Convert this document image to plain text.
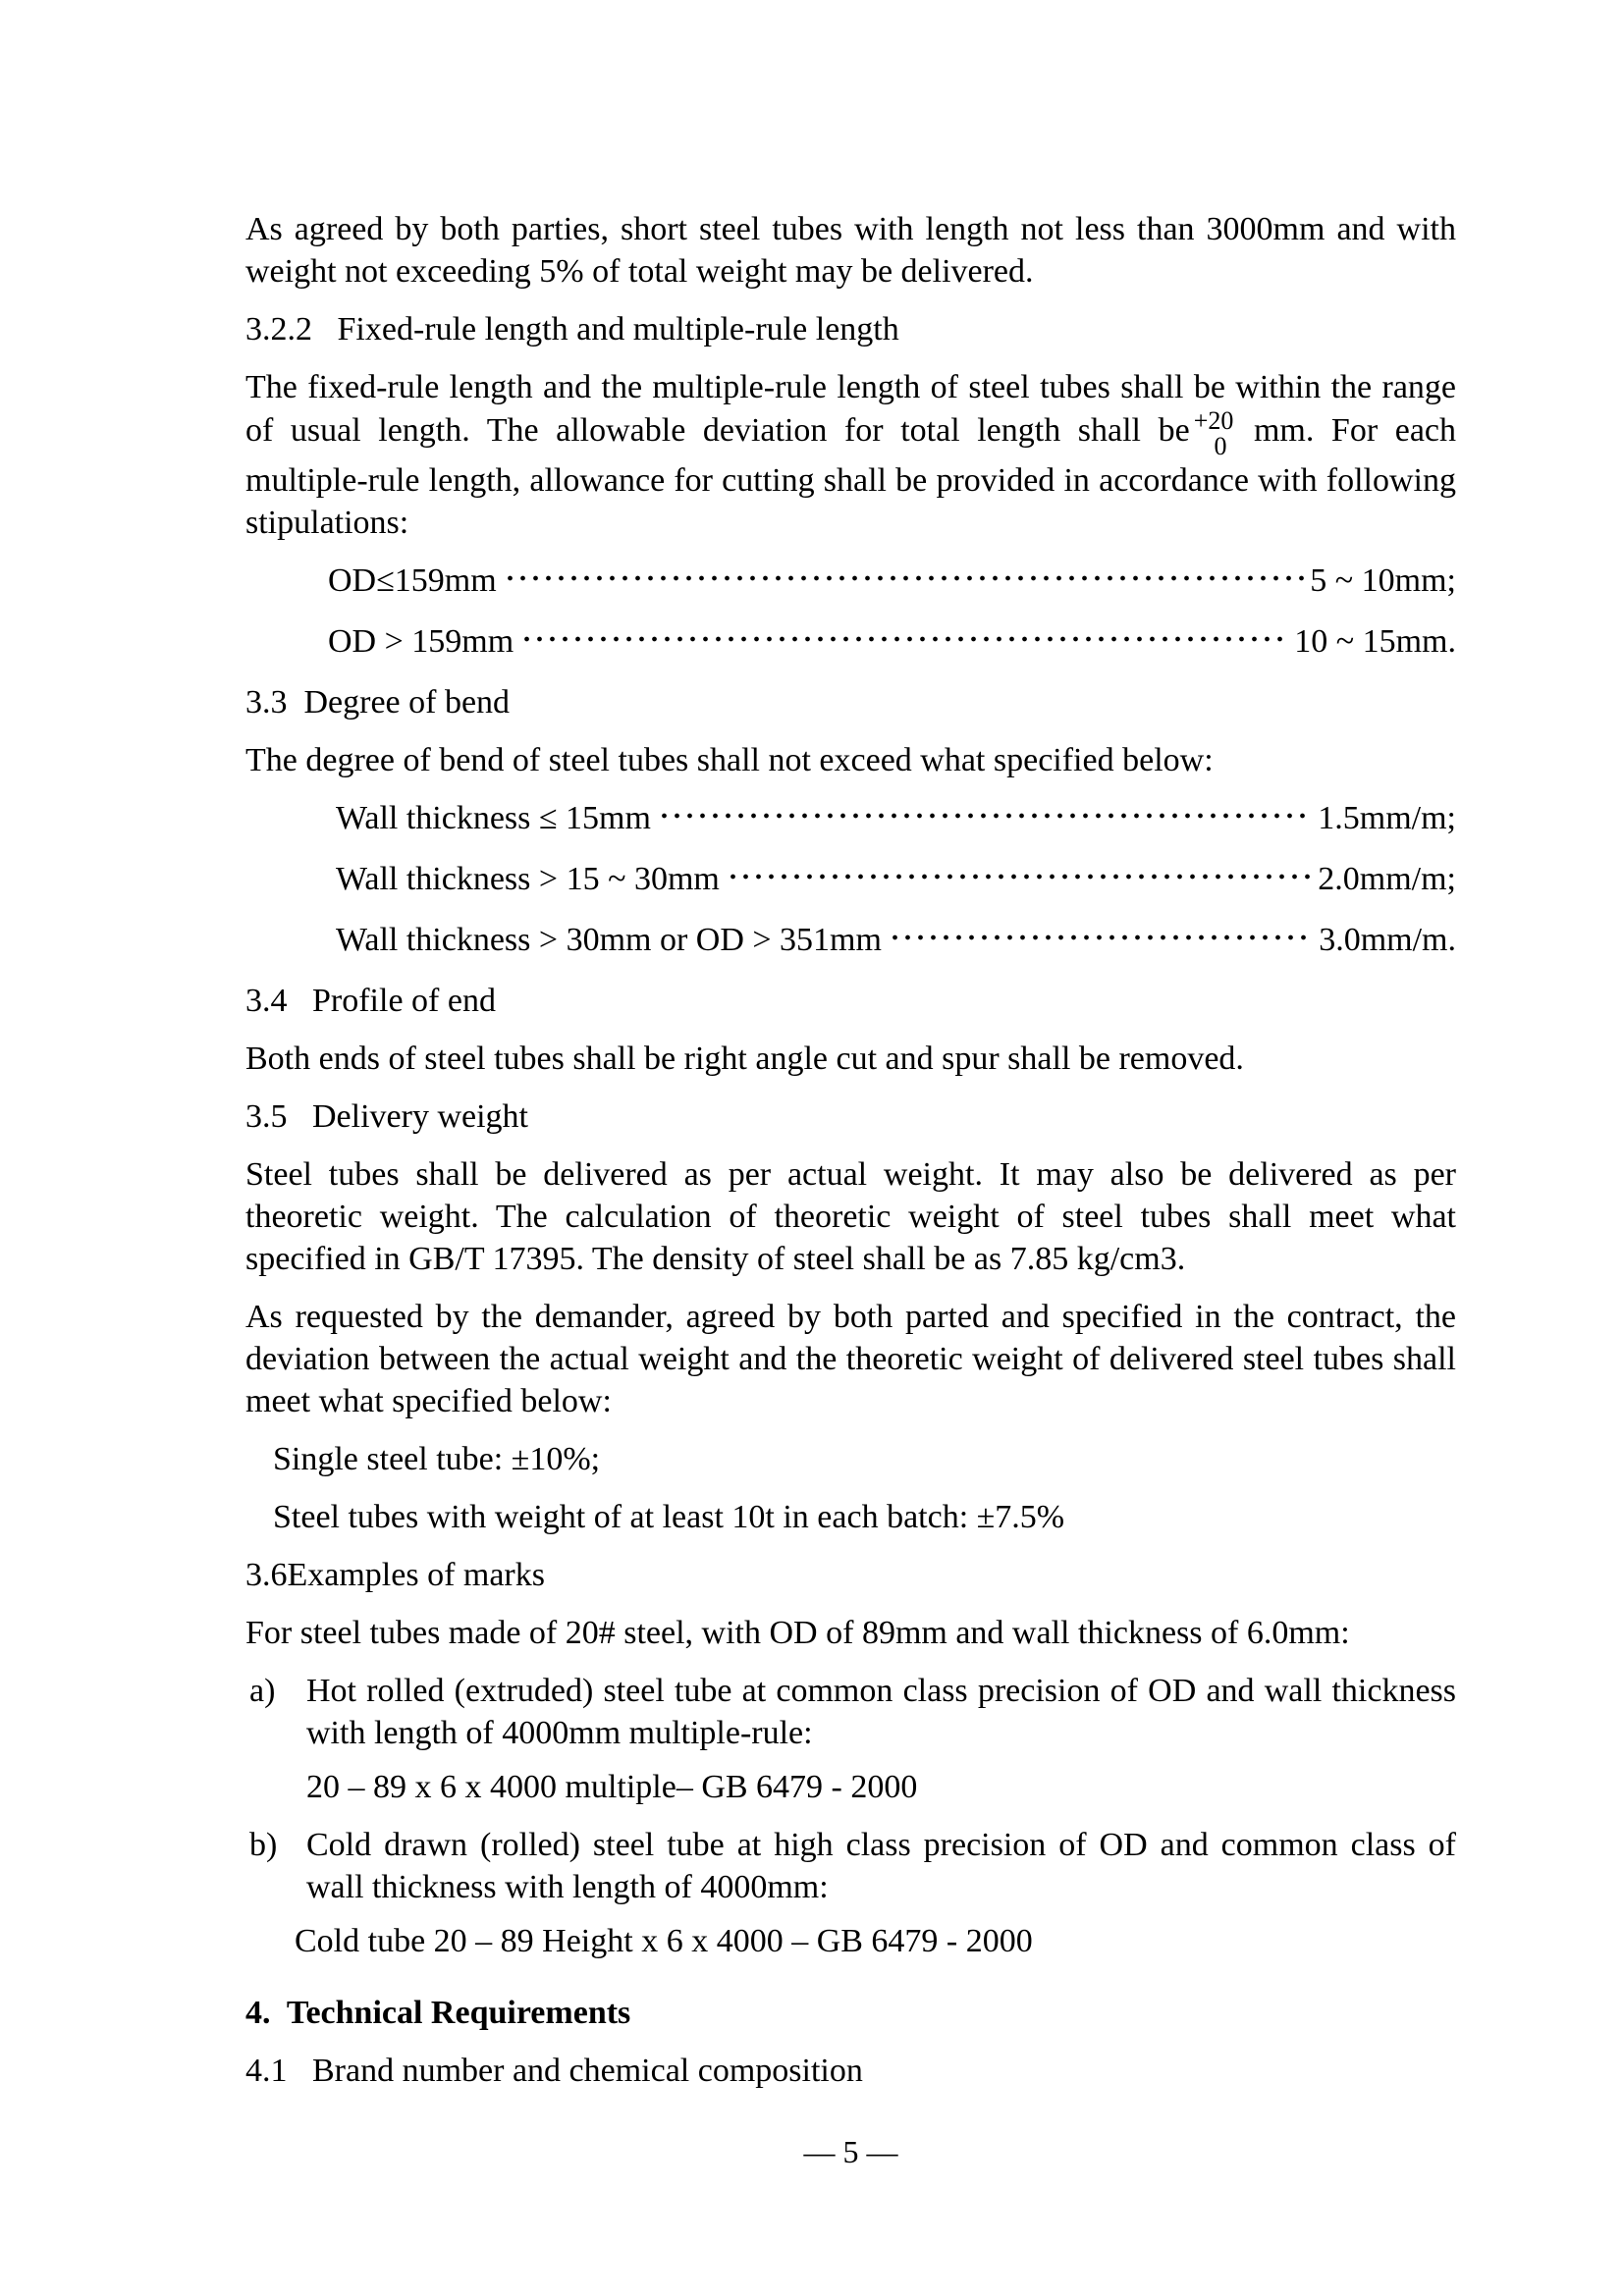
As agreed by both parties, short steel tubes with length not less than 3000mm and with weight not exceeding 5% of total weight may be delivered.

3.2.2   Fixed-rule length and multiple-rule length

The fixed-rule length and the multiple-rule length of steel tubes shall be within the range of usual length. The allowable deviation for total length shall be +20
0 mm. For each multiple-rule length, allowance for cutting shall be provided in accordance with following stipulations:

OD≤159mm	5 ~ 10mm;
OD > 159mm	10 ~ 15mm.
3.3  Degree of bend

The degree of bend of steel tubes shall not exceed what specified below:

Wall thickness ≤ 15mm	1.5mm/m;
Wall thickness > 15 ~ 30mm	2.0mm/m;
Wall thickness > 30mm or OD > 351mm	3.0mm/m.
3.4   Profile of end

Both ends of steel tubes shall be right angle cut and spur shall be removed.

3.5   Delivery weight

Steel tubes shall be delivered as per actual weight. It may also be delivered as per theoretic weight. The calculation of theoretic weight of steel tubes shall meet what specified in GB/T 17395. The density of steel shall be as 7.85 kg/cm3.

As requested by the demander, agreed by both parted and specified in the contract, the deviation between the actual weight and the theoretic weight of delivered steel tubes shall meet what specified below:

Single steel tube: ±10%;

Steel tubes with weight of at least 10t in each batch: ±7.5%

3.6Examples of marks

For steel tubes made of 20# steel, with OD of 89mm and wall thickness of 6.0mm:

a) Hot rolled (extruded) steel tube at common class precision of OD and wall thickness with length of 4000mm multiple-rule:
20 – 89 x 6 x 4000 multiple– GB 6479 - 2000
b) Cold drawn (rolled) steel tube at high class precision of OD and common class of wall thickness with length of 4000mm:
Cold tube 20 – 89 Height x 6 x 4000 – GB 6479 - 2000
4.  Technical Requirements
4.1   Brand number and chemical composition
— 5 —
